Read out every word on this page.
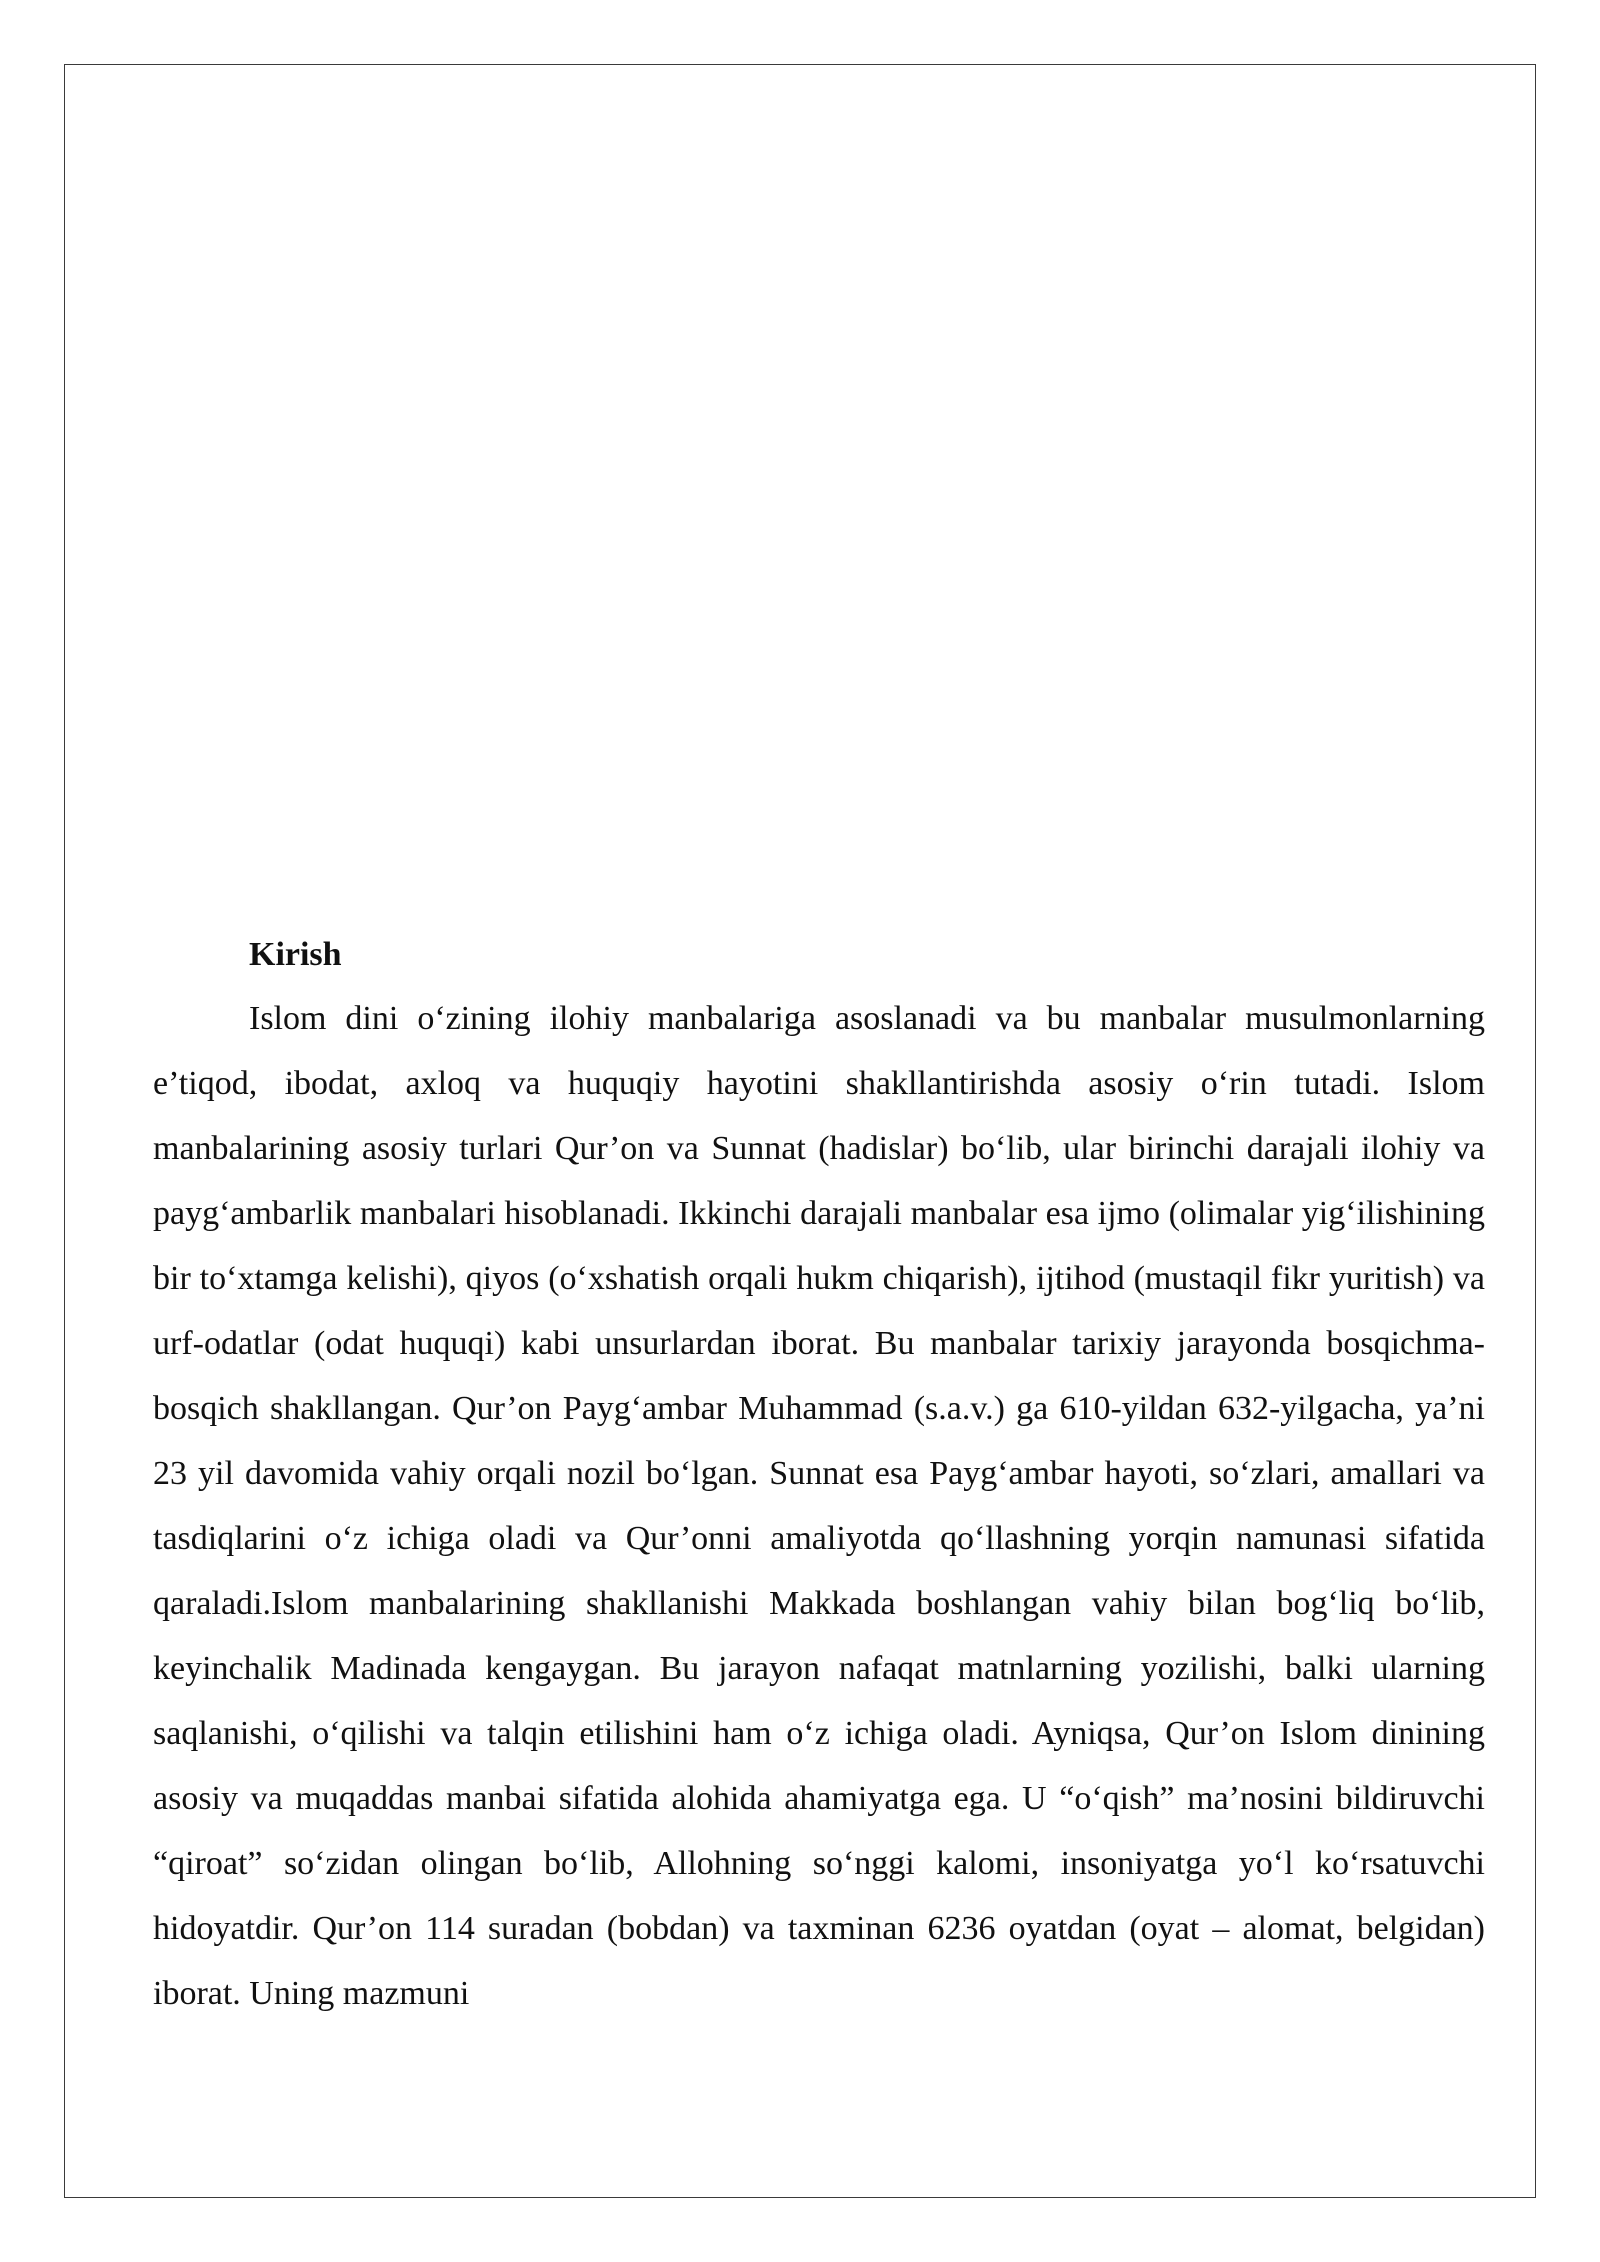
Kirish

Islom dini o‘zining ilohiy manbalariga asoslanadi va bu manbalar musulmonlarning e’tiqod, ibodat, axloq va huquqiy hayotini shakllantirishda asosiy o‘rin tutadi. Islom manbalarining asosiy turlari Qur’on va Sunnat (hadislar) bo‘lib, ular birinchi darajali ilohiy va payg‘ambarlik manbalari hisoblanadi. Ikkinchi darajali manbalar esa ijmo (olimalar yig‘ilishining bir to‘xtamga kelishi), qiyos (o‘xshatish orqali hukm chiqarish), ijtihod (mustaqil fikr yuritish) va urf-odatlar (odat huquqi) kabi unsurlardan iborat. Bu manbalar tarixiy jarayonda bosqichma-bosqich shakllangan. Qur’on Payg‘ambar Muhammad (s.a.v.) ga 610-yildan 632-yilgacha, ya’ni 23 yil davomida vahiy orqali nozil bo‘lgan. Sunnat esa Payg‘ambar hayoti, so‘zlari, amallari va tasdiqlarini o‘z ichiga oladi va Qur’onni amaliyotda qo‘llashning yorqin namunasi sifatida qaraladi.Islom manbalarining shakllanishi Makkada boshlangan vahiy bilan bog‘liq bo‘lib, keyinchalik Madinada kengaygan. Bu jarayon nafaqat matnlarning yozilishi, balki ularning saqlanishi, o‘qilishi va talqin etilishini ham o‘z ichiga oladi. Ayniqsa, Qur’on Islom dinining asosiy va muqaddas manbai sifatida alohida ahamiyatga ega. U “o‘qish” ma’nosini bildiruvchi “qiroat” so‘zidan olingan bo‘lib, Allohning so‘nggi kalomi, insoniyatga yo‘l ko‘rsatuvchi hidoyatdir. Qur’on 114 suradan (bobdan) va taxminan 6236 oyatdan (oyat – alomat, belgidan) iborat. Uning mazmuni
